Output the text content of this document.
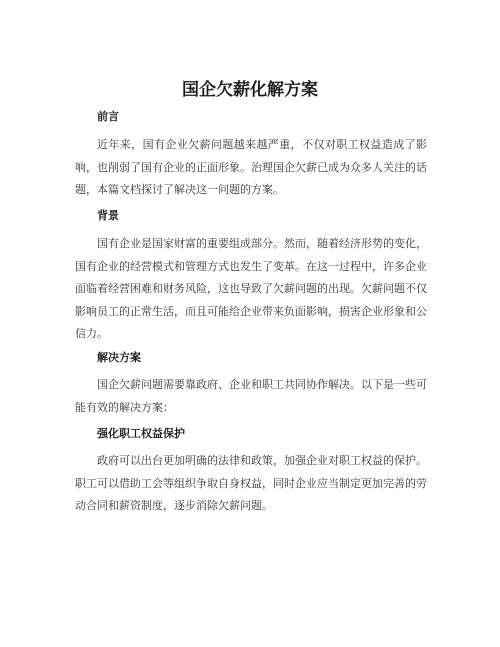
国企欠薪化解方案
前言

近年来，国有企业欠薪问题越来越严重，不仅对职工权益造成了影响，也削弱了国有企业的正面形象。治理国企欠薪已成为众多人关注的话题，本篇文档探讨了解决这一问题的方案。

背景

国有企业是国家财富的重要组成部分。然而，随着经济形势的变化，国有企业的经营模式和管理方式也发生了变革。在这一过程中，许多企业面临着经营困难和财务风险，这也导致了欠薪问题的出现。欠薪问题不仅影响员工的正常生活，而且可能给企业带来负面影响，损害企业形象和公信力。

解决方案

国企欠薪问题需要靠政府、企业和职工共同协作解决。以下是一些可能有效的解决方案：

强化职工权益保护

政府可以出台更加明确的法律和政策，加强企业对职工权益的保护。职工可以借助工会等组织争取自身权益，同时企业应当制定更加完善的劳动合同和薪资制度，逐步消除欠薪问题。
